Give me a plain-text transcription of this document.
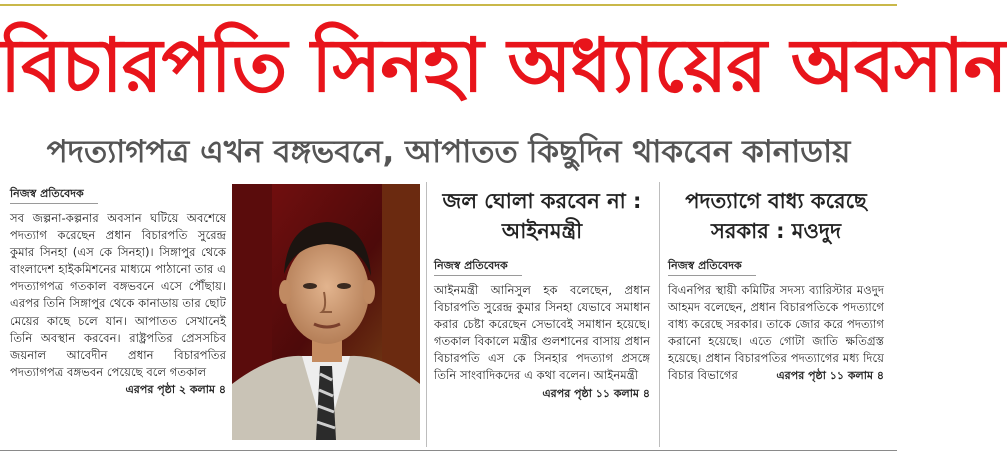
বিচারপতি সিনহা অধ্যায়ের অবসান
পদত্যাগপত্র এখন বঙ্গভবনে, আপাতত কিছুদিন থাকবেন কানাডায়
নিজস্ব প্রতিবেদক

সব জল্পনা-কল্পনার অবসান ঘটিয়ে অবশেষে পদত্যাগ করেছেন প্রধান বিচারপতি সুরেন্দ্র কুমার সিনহা (এস কে সিনহা)। সিঙ্গাপুর থেকে বাংলাদেশ হাইকমিশনের মাধ্যমে পাঠানো তার এ পদত্যাগপত্র গতকাল বঙ্গভবনে এসে পৌঁছায়। এরপর তিনি সিঙ্গাপুর থেকে কানাডায় তার ছোট মেয়ের কাছে চলে যান। আপাতত সেখানেই তিনি অবস্থান করবেন। রাষ্ট্রপতির প্রেসসচিব জয়নাল আবেদীন প্রধান বিচারপতির পদত্যাগপত্র বঙ্গভবন পেয়েছে বলে গতকাল
এরপর পৃষ্ঠা ২ কলাম ৪

জল ঘোলা করবেন না : আইনমন্ত্রী
নিজস্ব প্রতিবেদক

আইনমন্ত্রী আনিসুল হক বলেছেন, প্রধান বিচারপতি সুরেন্দ্র কুমার সিনহা যেভাবে সমাধান করার চেষ্টা করেছেন সেভাবেই সমাধান হয়েছে। গতকাল বিকালে মন্ত্রীর গুলশানের বাসায় প্রধান বিচারপতি এস কে সিনহার পদত্যাগ প্রসঙ্গে তিনি সাংবাদিকদের এ কথা বলেন। আইনমন্ত্রী
এরপর পৃষ্ঠা ১১ কলাম ৪

পদত্যাগে বাধ্য করেছে সরকার : মওদুদ
নিজস্ব প্রতিবেদক

বিএনপির স্থায়ী কমিটির সদস্য ব্যারিস্টার মওদুদ আহমদ বলেছেন, প্রধান বিচারপতিকে পদত্যাগে বাধ্য করেছে সরকার। তাকে জোর করে পদত্যাগ করানো হয়েছে। এতে গোটা জাতি ক্ষতিগ্রস্ত হয়েছে। প্রধান বিচারপতির পদত্যাগের মধ্য দিয়ে বিচার বিভাগের	এরপর পৃষ্ঠা ১১ কলাম ৪
